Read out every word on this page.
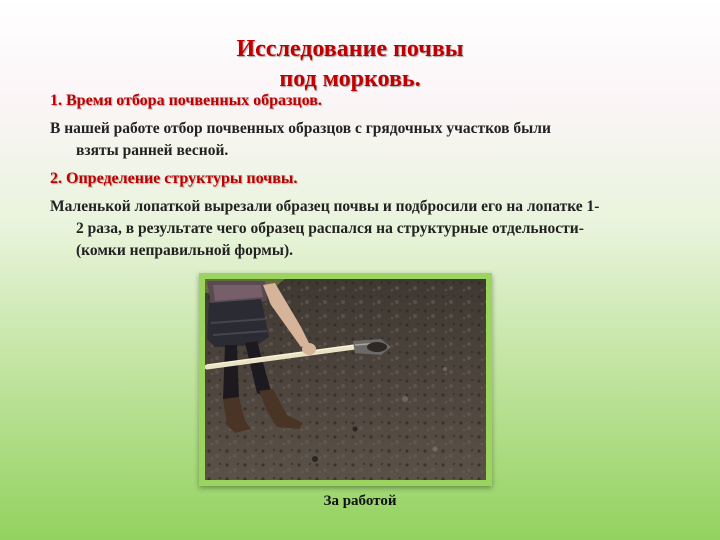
Исследование почвы
под морковь.
1. Время отбора почвенных образцов.
В нашей работе отбор почвенных образцов с грядочных участков были
взяты ранней весной.
2. Определение структуры почвы.
Маленькой лопаткой вырезали образец почвы и подбросили его на лопатке 1-
2 раза, в результате чего образец распался на структурные отдельности-
(комки неправильной формы).
За работой
